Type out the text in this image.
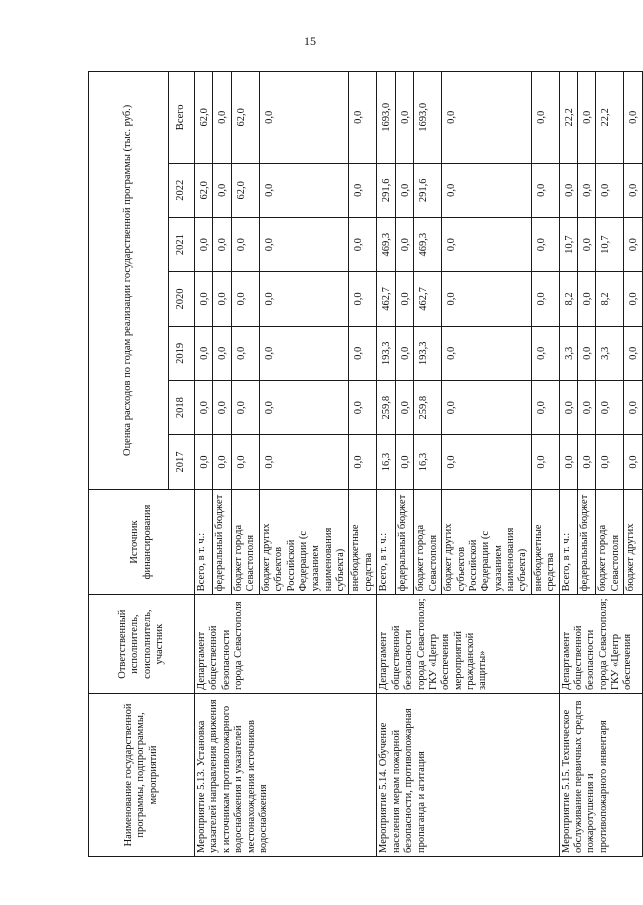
15
Наименование государственной программы, подпрограммы, мероприятий	Ответственный исполнитель, соисполнитель, участник	Источник финансирования	Оценка расходов по годам реализации государственной программы (тыс. руб.)						
			2017	2018	2019	2020	2021	2022	Всего
Мероприятие 5.13. Установка указателей направления движения к источникам противопожарного водоснабжения и указателей местонахождения источников водоснабжения	Департамент общественной безопасности города Севастополя	Всего, в т. ч.:	0,0	0,0	0,0	0,0	0,0	62,0	62,0
		федеральный бюджет	0,0	0,0	0,0	0,0	0,0	0,0	0,0
		бюджет города Севастополя	0,0	0,0	0,0	0,0	0,0	62,0	62,0
		бюджет других субъектов Российской Федерации (с указанием наименования субъекта)	0,0	0,0	0,0	0,0	0,0	0,0	0,0
		внебюджетные средства	0,0	0,0	0,0	0,0	0,0	0,0	0,0
Мероприятие 5.14. Обучение населения мерам пожарной безопасности, противопожарная пропаганда и агитация	Департамент общественной безопасности города Севастополя; ГКУ «Центр обеспечения мероприятий гражданской защиты»	Всего, в т. ч.:	16,3	259,8	193,3	462,7	469,3	291,6	1693,0
		федеральный бюджет	0,0	0,0	0,0	0,0	0,0	0,0	0,0
		бюджет города Севастополя	16,3	259,8	193,3	462,7	469,3	291,6	1693,0
		бюджет других субъектов Российской Федерации (с указанием наименования субъекта)	0,0	0,0	0,0	0,0	0,0	0,0	0,0
		внебюджетные средства	0,0	0,0	0,0	0,0	0,0	0,0	0,0
Мероприятие 5.15. Техническое обслуживание первичных средств пожаротушения и противопожарного инвентаря	Департамент общественной безопасности города Севастополя; ГКУ «Центр обеспечения	Всего, в т. ч.:	0,0	0,0	3,3	8,2	10,7	0,0	22,2
		федеральный бюджет	0,0	0,0	0,0	0,0	0,0	0,0	0,0
		бюджет города Севастополя	0,0	0,0	3,3	8,2	10,7	0,0	22,2
		бюджет других	0,0	0,0	0,0	0,0	0,0	0,0	0,0
